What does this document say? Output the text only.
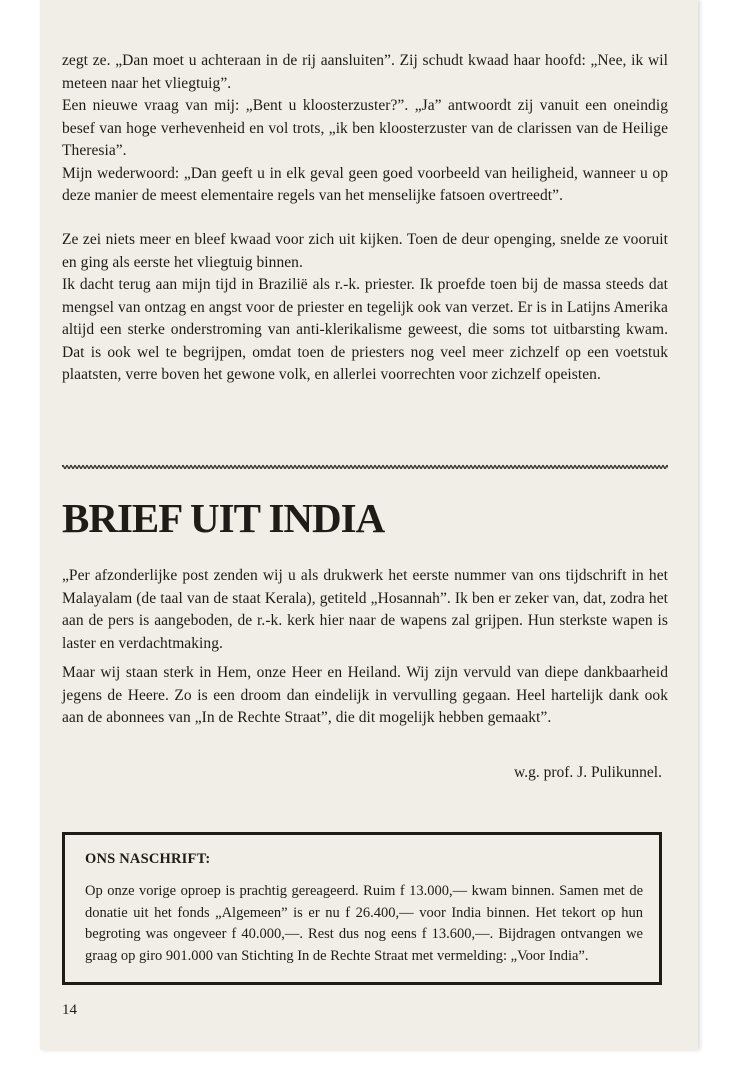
zegt ze. „Dan moet u achteraan in de rij aansluiten”. Zij schudt kwaad haar hoofd: „Nee, ik wil meteen naar het vliegtuig”.
Een nieuwe vraag van mij: „Bent u kloosterzuster?”. „Ja” antwoordt zij vanuit een oneindig besef van hoge verhevenheid en vol trots, „ik ben kloosterzuster van de clarissen van de Heilige Theresia”.
Mijn wederwoord: „Dan geeft u in elk geval geen goed voorbeeld van heiligheid, wanneer u op deze manier de meest elementaire regels van het menselijke fatsoen overtreedt”.

Ze zei niets meer en bleef kwaad voor zich uit kijken. Toen de deur openging, snelde ze vooruit en ging als eerste het vliegtuig binnen.
Ik dacht terug aan mijn tijd in Brazilië als r.-k. priester. Ik proefde toen bij de massa steeds dat mengsel van ontzag en angst voor de priester en tegelijk ook van verzet. Er is in Latijns Amerika altijd een sterke onderstroming van anti-klerikalisme geweest, die soms tot uitbarsting kwam. Dat is ook wel te begrijpen, omdat toen de priesters nog veel meer zichzelf op een voetstuk plaatsten, verre boven het gewone volk, en allerlei voorrechten voor zichzelf opeisten.

BRIEF UIT INDIA

„Per afzonderlijke post zenden wij u als drukwerk het eerste nummer van ons tijdschrift in het Malayalam (de taal van de staat Kerala), getiteld „Hosannah”. Ik ben er zeker van, dat, zodra het aan de pers is aangeboden, de r.-k. kerk hier naar de wapens zal grijpen. Hun sterkste wapen is laster en verdachtmaking.

Maar wij staan sterk in Hem, onze Heer en Heiland. Wij zijn vervuld van diepe dankbaarheid jegens de Heere. Zo is een droom dan eindelijk in vervulling gegaan. Heel hartelijk dank ook aan de abonnees van „In de Rechte Straat”, die dit mogelijk hebben gemaakt”.

w.g. prof. J. Pulikunnel.
ONS NASCHRIFT:
Op onze vorige oproep is prachtig gereageerd. Ruim f 13.000,— kwam binnen. Samen met de donatie uit het fonds „Algemeen” is er nu f 26.400,— voor India binnen. Het tekort op hun begroting was ongeveer f 40.000,—. Rest dus nog eens f 13.600,—. Bijdragen ontvangen we graag op giro 901.000 van Stichting In de Rechte Straat met vermelding: „Voor India”.
14
